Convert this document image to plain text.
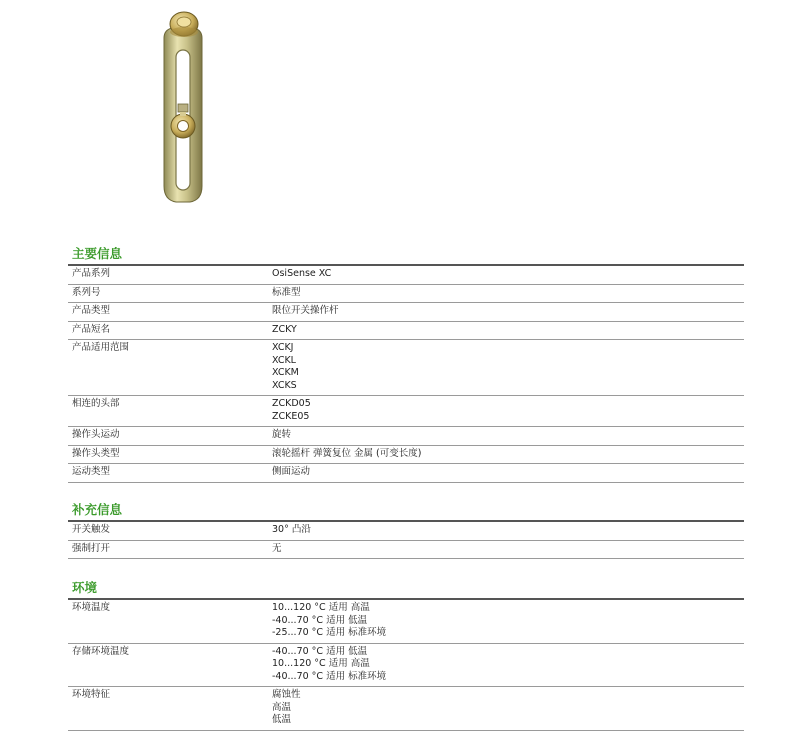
主要信息
产品系列	OsiSense XC
系列号	标准型
产品类型	限位开关操作杆
产品短名	ZCKY
产品适用范围	XCKJ
XCKL
XCKM
XCKS
相连的头部	ZCKD05
ZCKE05
操作头运动	旋转
操作头类型	滚轮摇杆 弹簧复位 金属 (可变长度)
运动类型	侧面运动
补充信息
开关触发	30° 凸沿
强制打开	无
环境
环境温度	10...120 °C 适用 高温
-40...70 °C 适用 低温
-25...70 °C 适用 标准环境
存储环境温度	-40...70 °C 适用 低温
10...120 °C 适用 高温
-40...70 °C 适用 标准环境
环境特征	腐蚀性
高温
低温
